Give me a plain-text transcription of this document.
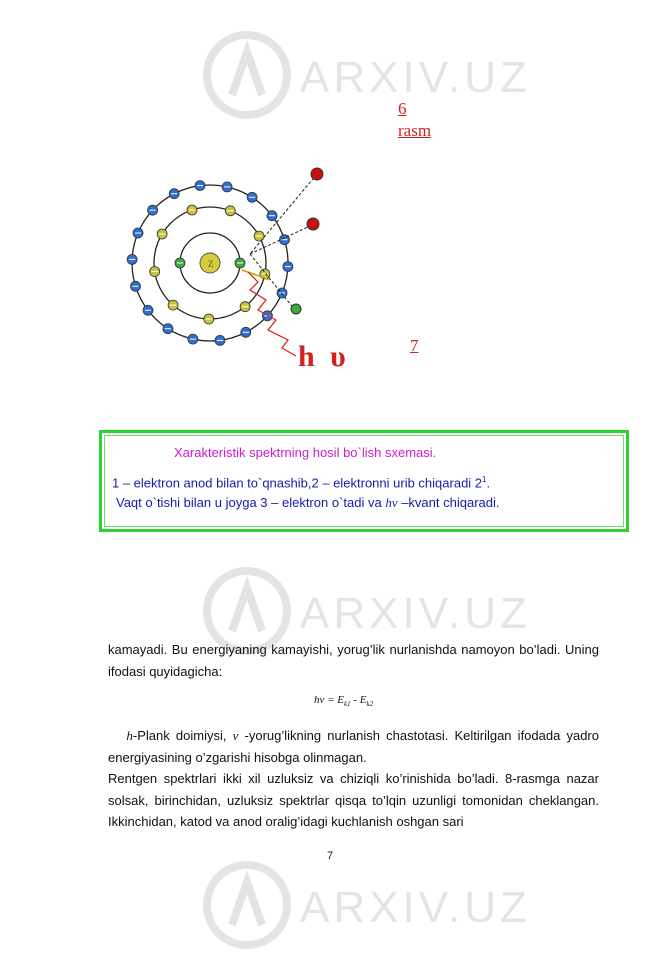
ARXIV.UZ
ARXIV.UZ
ARXIV.UZ
6 rasm
7
h υ
Z
Xarakteristik spektrning hosil bo`lish sxemasi.
1 – elektron anod bilan to`qnashib,2 – elektronni urib chiqaradi $2^1$.
Vaqt o`tishi bilan u joyga 3 – elektron o`tadi va hv –kvant chiqaradi.

kamayadi. Bu energiyaning kamayishi, yorug’lik nurlanishda namoyon bo’ladi. Uning ifodasi quyidagicha:

$h\nu = E_{k1} - E_{k2}$

h-Plank doimiysi, ν -yorug’likning nurlanish chastotasi. Keltirilgan ifodada yadro energiyasining o’zgarishi hisobga olinmagan.

Rentgen spektrlari ikki xil uzluksiz va chiziqli ko’rinishida bo’ladi. 8-rasmga nazar solsak, birinchidan, uzluksiz spektrlar qisqa to’lqin uzunligi tomonidan cheklangan. Ikkinchidan, katod va anod oralig’idagi kuchlanish oshgan sari

7
